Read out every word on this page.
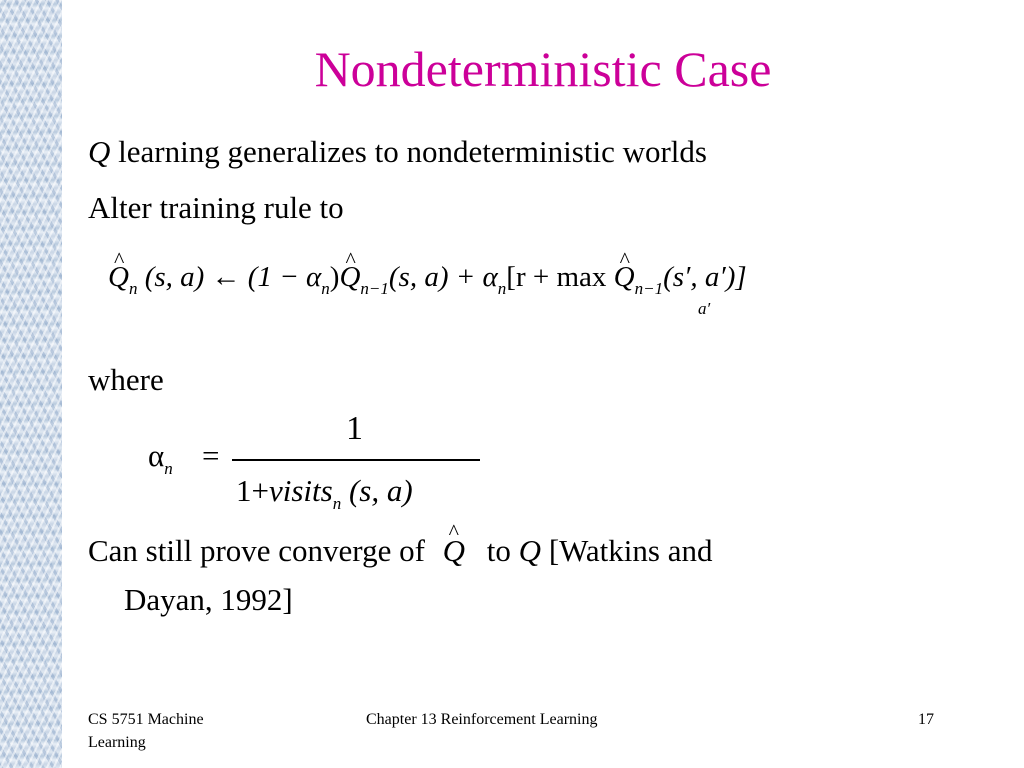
Nondeterministic Case
Q learning generalizes to nondeterministic worlds
Alter training rule to
^ $Q_n$ (s, a) ← $(1 - \alpha_n)\^{}$ $Q_{n-1}(s$, $a) + \alpha_n[r + \max$ ^ $Q_{n-1}(s'$, a′)]
a′
where
$\alpha_n$ =
1
1+visits$_n$ (s, a)
Can still prove converge of ^ Q to Q [Watkins and
Dayan, 1992]
CS 5751 Machine Learning
Chapter 13 Reinforcement Learning	17
